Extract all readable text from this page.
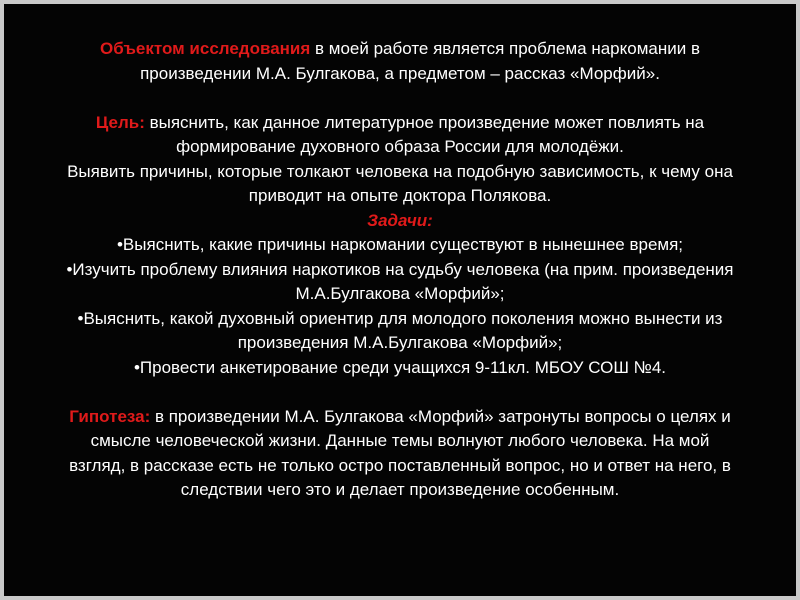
Объектом исследования в моей работе является проблема наркомании в
произведении М.А. Булгакова, а предметом – рассказ «Морфий».

Цель: выяснить, как данное литературное произведение может повлиять на
формирование духовного образа России для молодёжи.
Выявить причины, которые толкают человека на подобную зависимость, к чему она
приводит на опыте доктора Полякова.

Задачи:
•Выяснить, какие причины наркомании существуют в нынешнее время;
•Изучить проблему влияния наркотиков на судьбу человека (на прим. произведения
М.А.Булгакова «Морфий»;
•Выяснить, какой духовный ориентир для молодого поколения можно вынести из
произведения М.А.Булгакова «Морфий»;
•Провести анкетирование среди учащихся 9-11кл. МБОУ СОШ №4.

Гипотеза: в произведении М.А. Булгакова «Морфий» затронуты вопросы о целях и
смысле человеческой жизни. Данные темы волнуют любого человека. На мой
взгляд, в рассказе есть не только остро поставленный вопрос, но и ответ на него, в
следствии чего это и делает произведение особенным.
